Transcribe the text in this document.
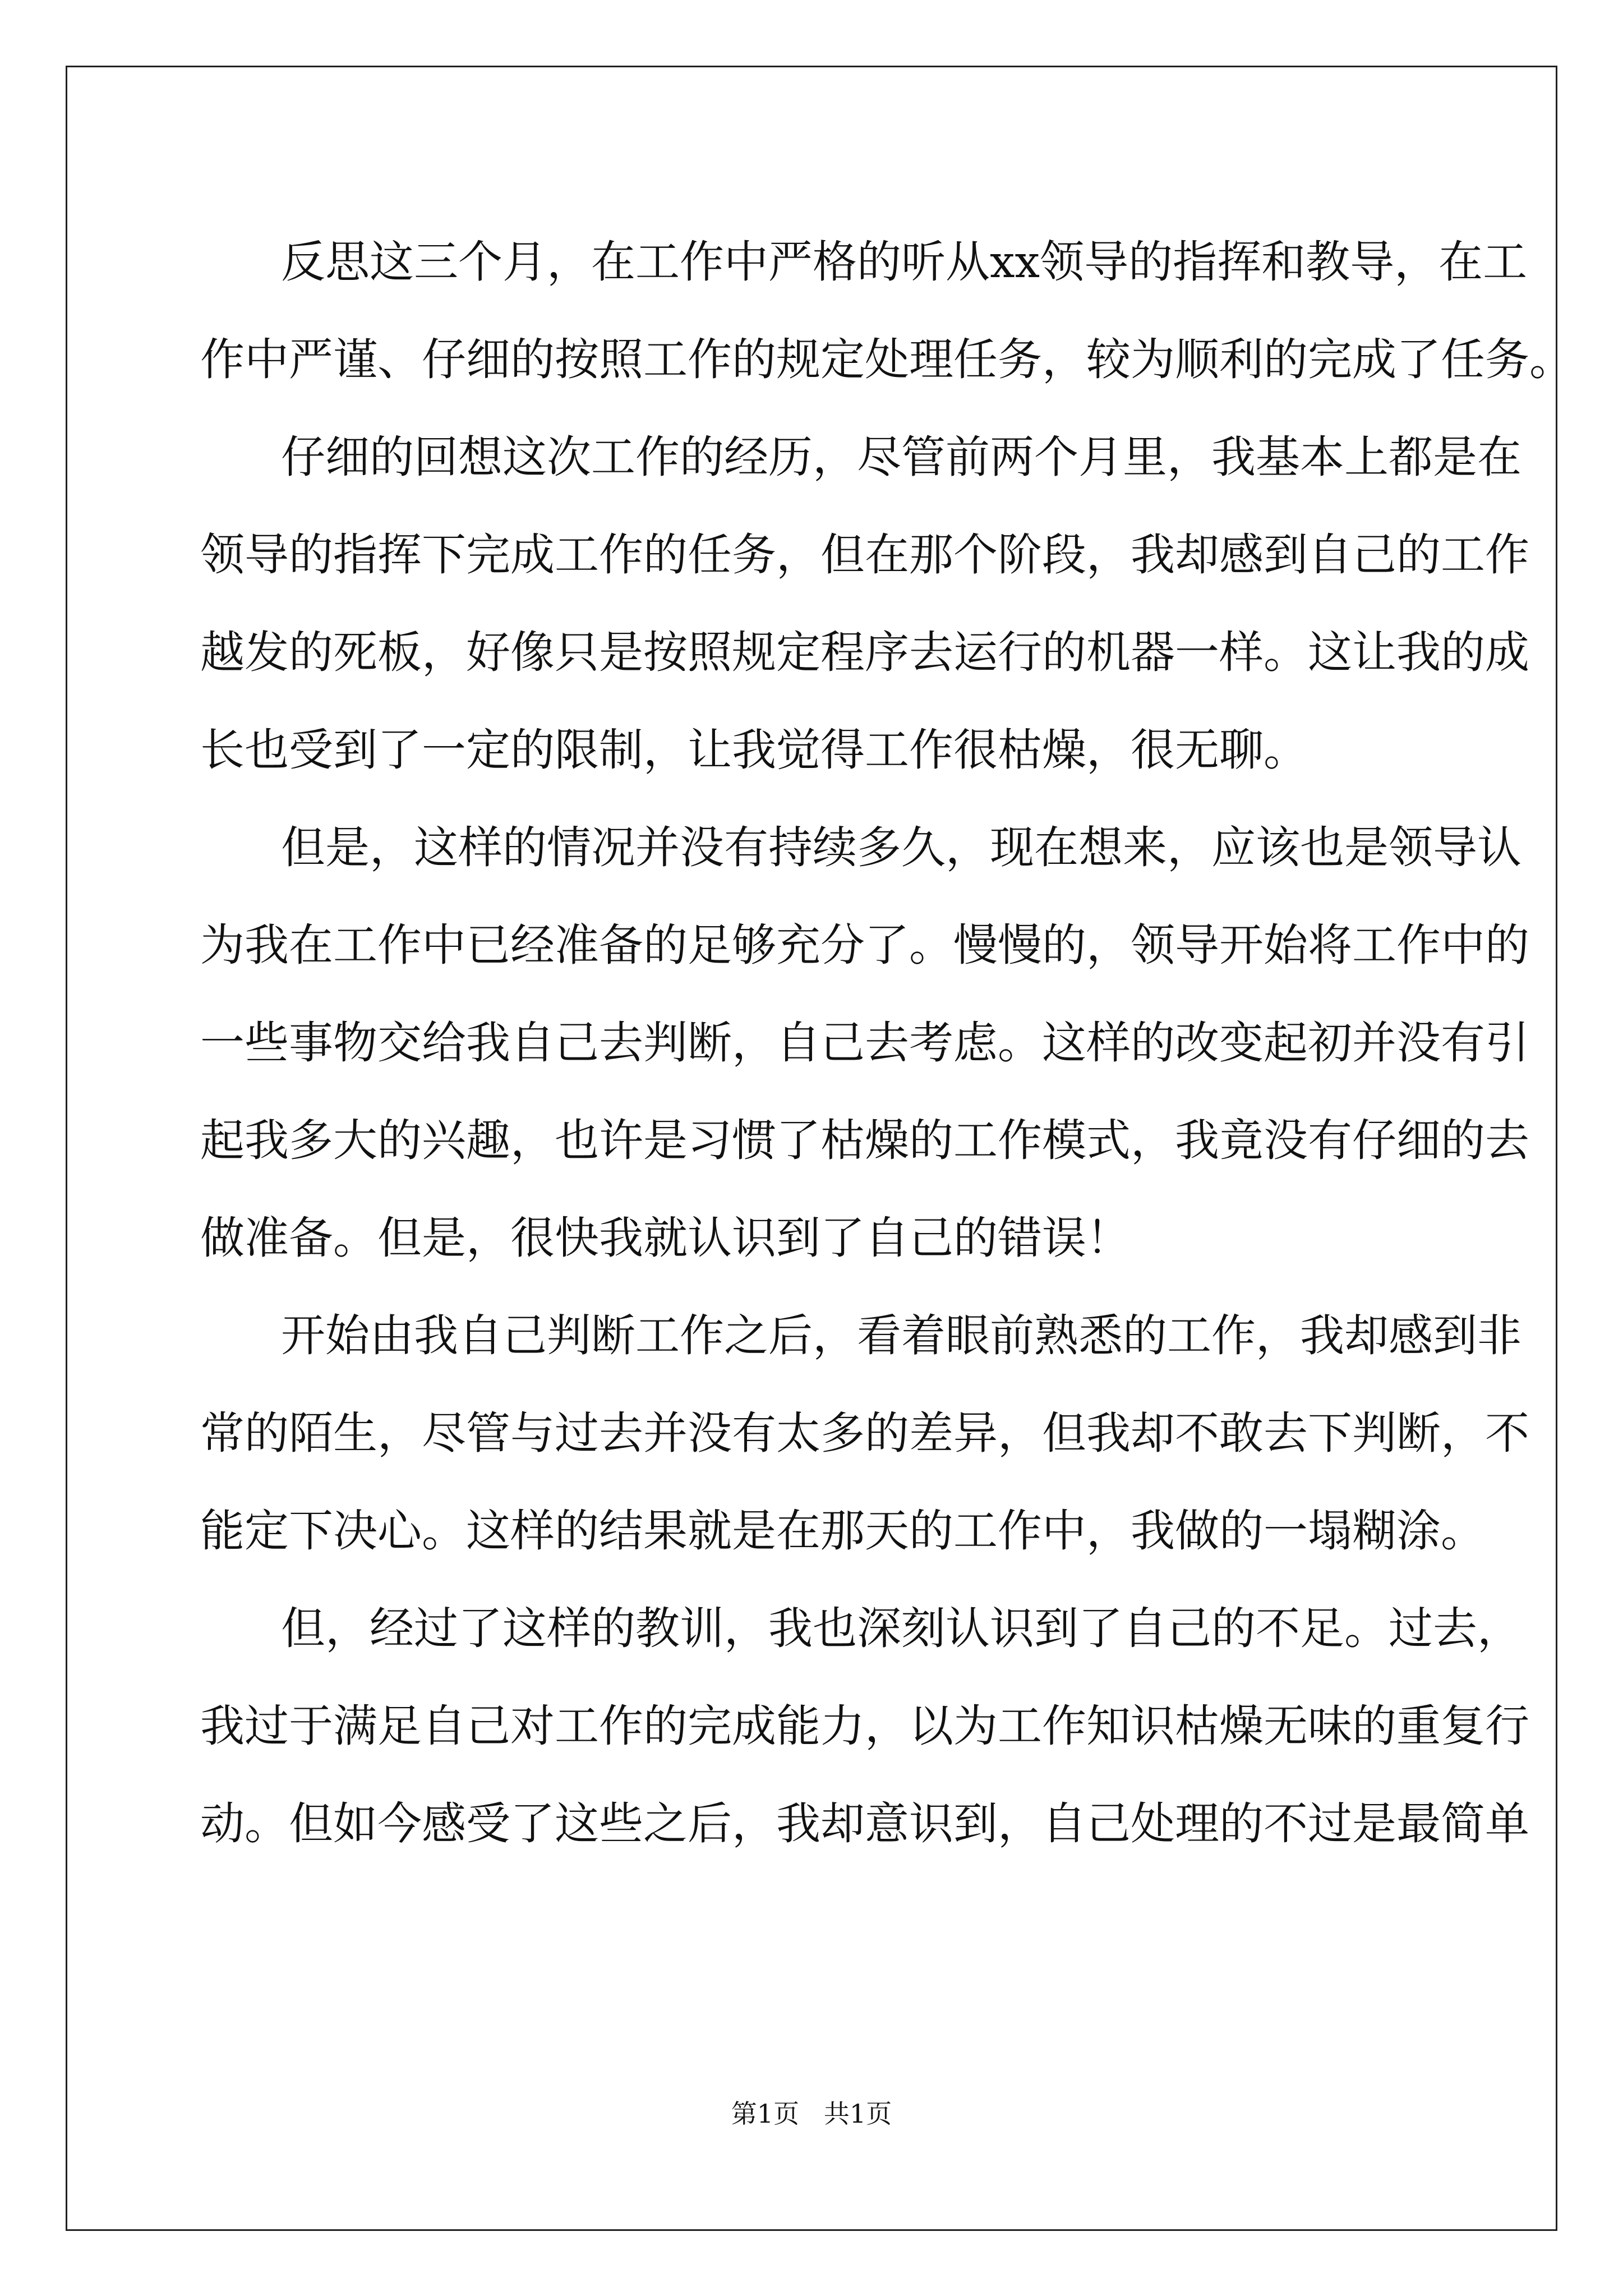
反思这三个月，在工作中严格的听从xx领导的指挥和教导，在工
作中严谨、仔细的按照工作的规定处理任务，较为顺利的完成了任务。
仔细的回想这次工作的经历，尽管前两个月里，我基本上都是在
领导的指挥下完成工作的任务，但在那个阶段，我却感到自己的工作
越发的死板，好像只是按照规定程序去运行的机器一样。这让我的成
长也受到了一定的限制，让我觉得工作很枯燥，很无聊。
但是，这样的情况并没有持续多久，现在想来，应该也是领导认
为我在工作中已经准备的足够充分了。慢慢的，领导开始将工作中的
一些事物交给我自己去判断，自己去考虑。这样的改变起初并没有引
起我多大的兴趣，也许是习惯了枯燥的工作模式，我竟没有仔细的去
做准备。但是，很快我就认识到了自己的错误！
开始由我自己判断工作之后，看着眼前熟悉的工作，我却感到非
常的陌生，尽管与过去并没有太多的差异，但我却不敢去下判断，不
能定下决心。这样的结果就是在那天的工作中，我做的一塌糊涂。
但，经过了这样的教训，我也深刻认识到了自己的不足。过去，
我过于满足自己对工作的完成能力，以为工作知识枯燥无味的重复行
动。但如今感受了这些之后，我却意识到，自己处理的不过是最简单
第1页   共1页
